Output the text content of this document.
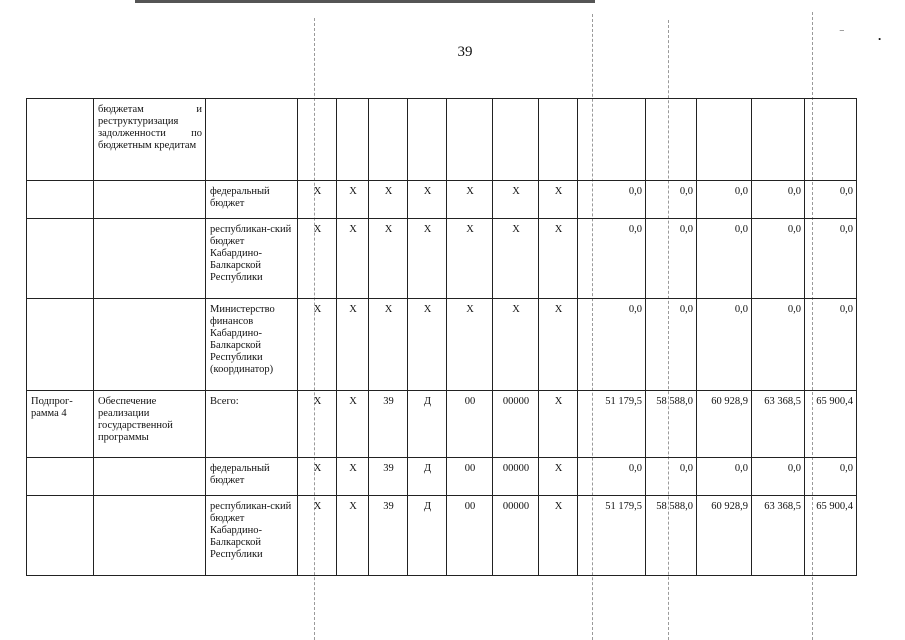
39
‾	.
	бюджетам и реструктуризация задолженности по бюджетным кредитам													
		федеральный бюджет	X	X	X	X	X	X	X	0,0	0,0	0,0	0,0	0,0
		республикан-ский бюджет Кабардино-Балкарской Республики	X	X	X	X	X	X	X	0,0	0,0	0,0	0,0	0,0
		Министерство финансов Кабардино-Балкарской Республики (координатор)	X	X	X	X	X	X	X	0,0	0,0	0,0	0,0	0,0
Подпрог-рамма 4	Обеспечение реализации государственной программы	Всего:	X	X	39	Д	00	00000	X	51 179,5	58 588,0	60 928,9	63 368,5	65 900,4
		федеральный бюджет	X	X	39	Д	00	00000	X	0,0	0,0	0,0	0,0	0,0
		республикан-ский бюджет Кабардино-Балкарской Республики	X	X	39	Д	00	00000	X	51 179,5	58 588,0	60 928,9	63 368,5	65 900,4
